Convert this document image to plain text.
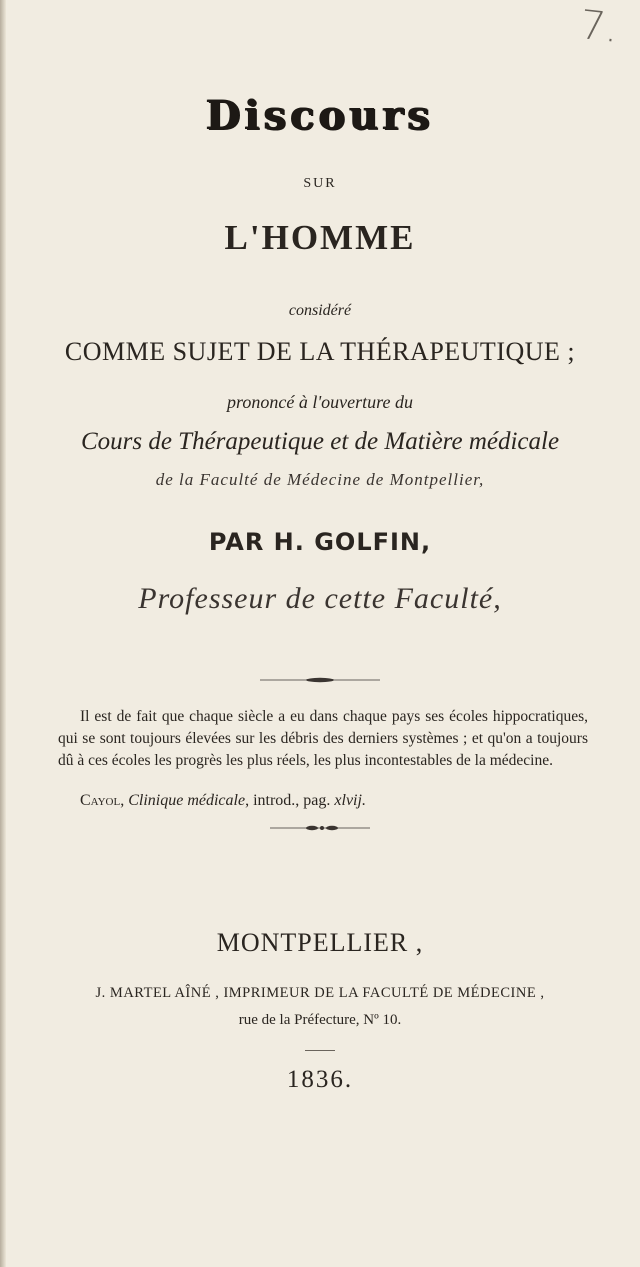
7.
Discours
SUR
L'HOMME
considéré
COMME SUJET DE LA THÉRAPEUTIQUE ;
prononcé à l'ouverture du
Cours de Thérapeutique et de Matière médicale
de la Faculté de Médecine de Montpellier,
PAR H. GOLFIN,
Professeur de cette Faculté,
Il est de fait que chaque siècle a eu dans chaque pays ses écoles hippocratiques, qui se sont toujours élevées sur les débris des derniers systèmes ; et qu'on a toujours dû à ces écoles les progrès les plus réels, les plus incontestables de la médecine.
Cayol, Clinique médicale, introd., pag. xlvij.
MONTPELLIER ,
J. MARTEL AÎNÉ , IMPRIMEUR DE LA FACULTÉ DE MÉDECINE ,
rue de la Préfecture, Nº 10.
1836.
